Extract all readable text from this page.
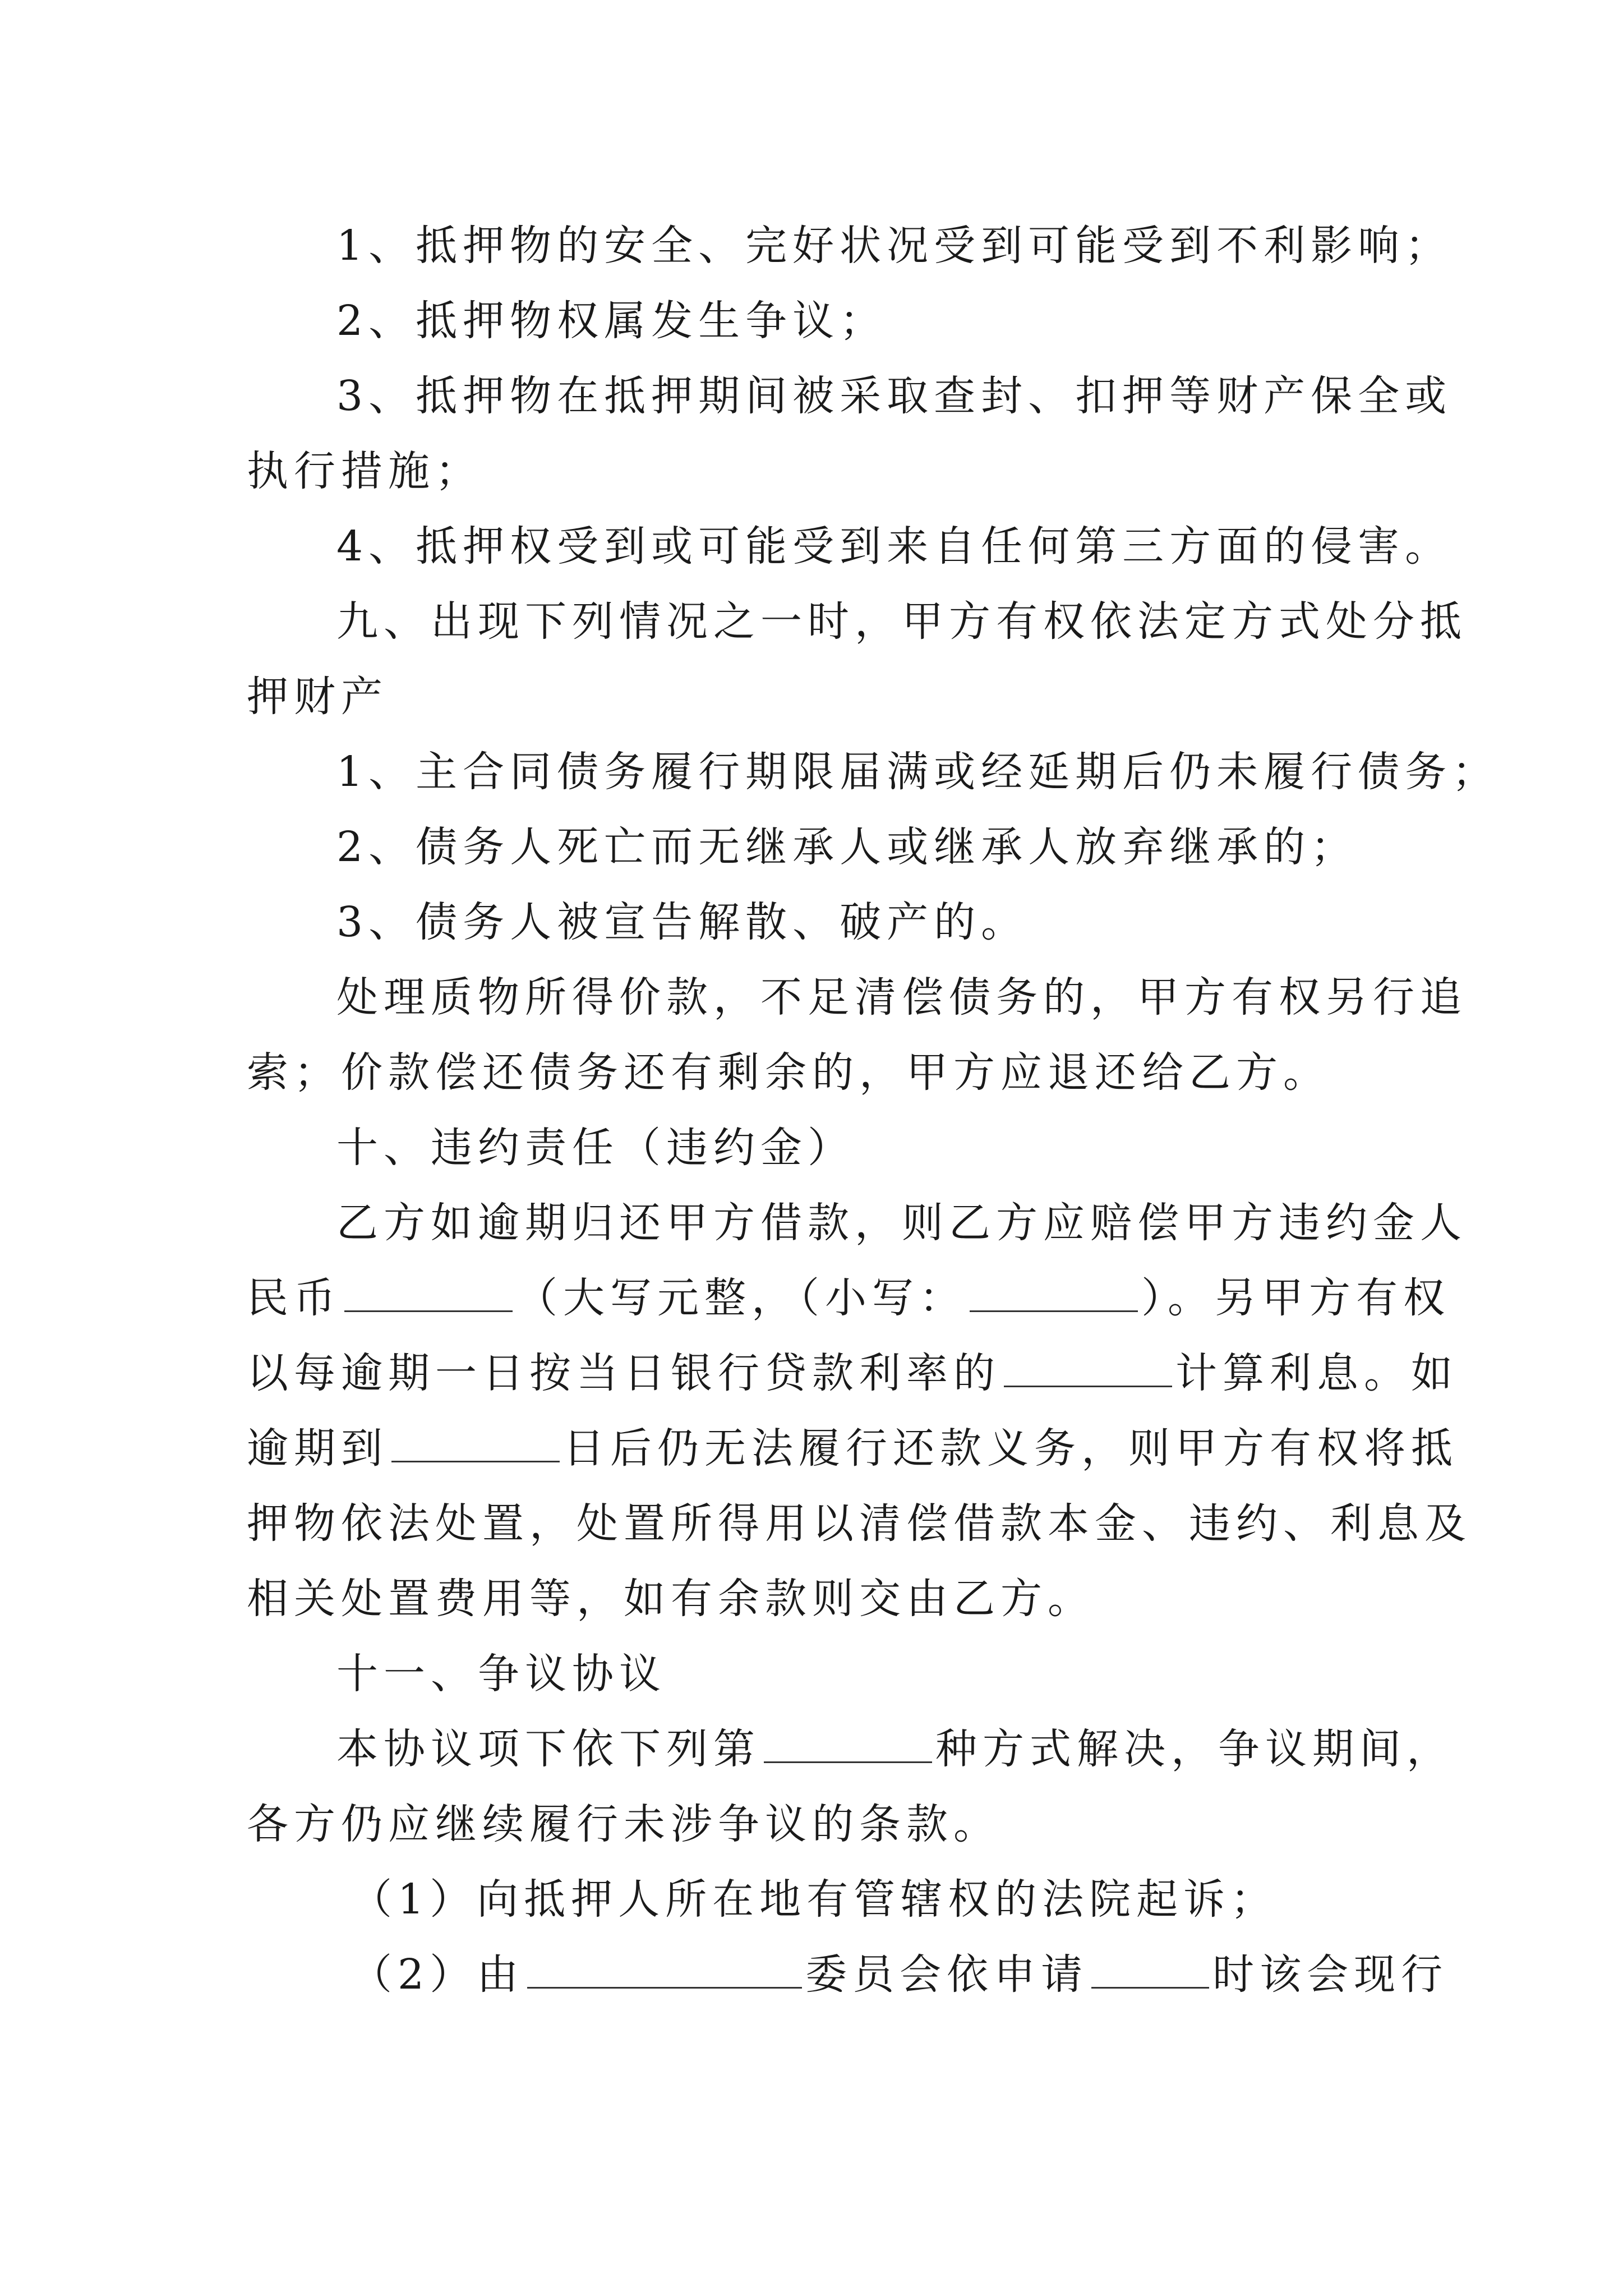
1、抵押物的安全、完好状况受到可能受到不利影响；
2、抵押物权属发生争议；
3、抵押物在抵押期间被采取查封、扣押等财产保全或
执行措施；
4、抵押权受到或可能受到来自任何第三方面的侵害。
九、出现下列情况之一时，甲方有权依法定方式处分抵
押财产
1、主合同债务履行期限届满或经延期后仍未履行债务；
2、债务人死亡而无继承人或继承人放弃继承的；
3、债务人被宣告解散、破产的。
处理质物所得价款，不足清偿债务的，甲方有权另行追
索；价款偿还债务还有剩余的，甲方应退还给乙方。
十、违约责任（违约金）
乙方如逾期归还甲方借款，则乙方应赔偿甲方违约金人
民币	（大写元整，（小写：	）。另甲方有权
以每逾期一日按当日银行贷款利率的	计算利息。如
逾期到	日后仍无法履行还款义务，则甲方有权将抵
押物依法处置，处置所得用以清偿借款本金、违约、利息及
相关处置费用等，如有余款则交由乙方。
十一、争议协议
本协议项下依下列第	种方式解决，争议期间，
各方仍应继续履行未涉争议的条款。
（1）向抵押人所在地有管辖权的法院起诉；
（2）由	委员会依申请	时该会现行
